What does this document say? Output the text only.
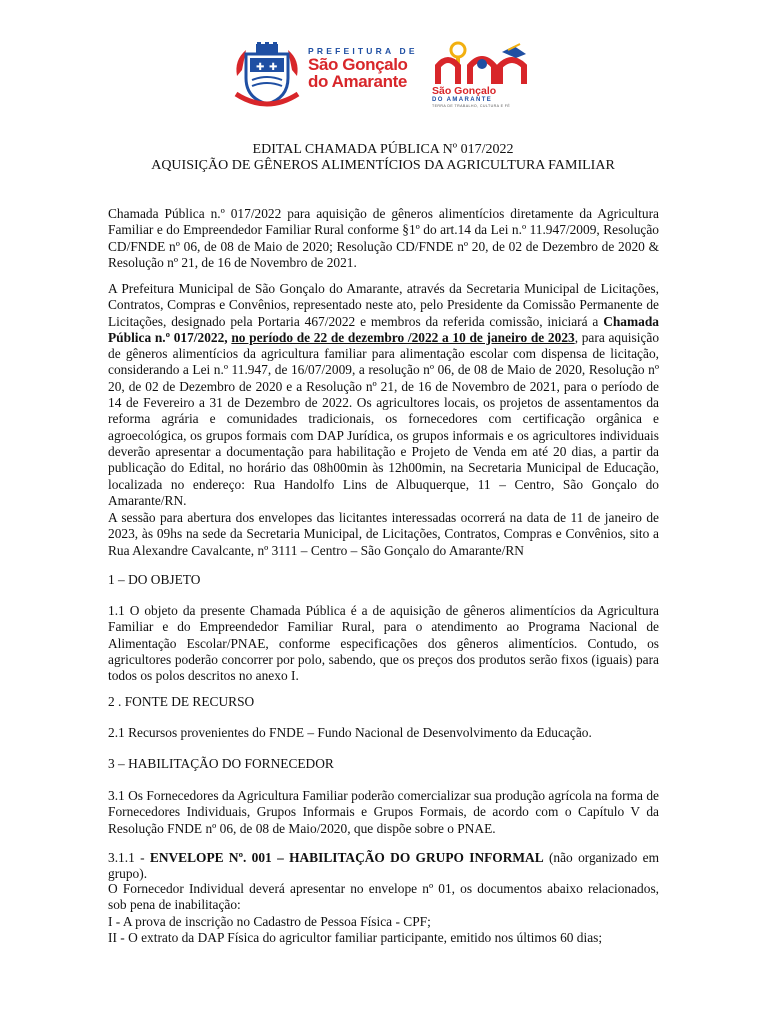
✚ ✚
PREFEITURA DE
São Gonçalo
do Amarante	São Gonçalo
DO AMARANTE
TERRA DE TRABALHO, CULTURA E FÉ
EDITAL CHAMADA PÚBLICA Nº 017/2022
AQUISIÇÃO DE GÊNEROS ALIMENTÍCIOS DA AGRICULTURA FAMILIAR

Chamada Pública n.º 017/2022 para aquisição de gêneros alimentícios diretamente da Agricultura Familiar e do Empreendedor Familiar Rural conforme §1º do art.14 da Lei n.º 11.947/2009, Resolução CD/FNDE nº 06, de 08 de Maio de 2020; Resolução CD/FNDE nº 20, de 02 de Dezembro de 2020 & Resolução nº 21, de 16 de Novembro de 2021.

A Prefeitura Municipal de São Gonçalo do Amarante, através da Secretaria Municipal de Licitações, Contratos, Compras e Convênios, representado neste ato, pelo Presidente da Comissão Permanente de Licitações, designado pela Portaria 467/2022 e membros da referida comissão, iniciará a Chamada Pública n.º 017/2022, no período de 22 de dezembro /2022 a 10 de janeiro de 2023, para aquisição de gêneros alimentícios da agricultura familiar para alimentação escolar com dispensa de licitação, considerando a Lei n.º 11.947, de 16/07/2009, a resolução nº 06, de 08 de Maio de 2020, Resolução nº 20, de 02 de Dezembro de 2020 e a Resolução nº 21, de 16 de Novembro de 2021, para o período de 14 de Fevereiro a 31 de Dezembro de 2022. Os agricultores locais, os projetos de assentamentos da reforma agrária e comunidades tradicionais, os fornecedores com certificação orgânica e agroecológica, os grupos formais com DAP Jurídica, os grupos informais e os agricultores individuais deverão apresentar a documentação para habilitação e Projeto de Venda em até 20 dias, a partir da publicação do Edital, no horário das 08h00min às 12h00min, na Secretaria Municipal de Educação, localizada no endereço: Rua Handolfo Lins de Albuquerque, 11 – Centro, São Gonçalo do Amarante/RN.

A sessão para abertura dos envelopes das licitantes interessadas ocorrerá na data de 11 de janeiro de 2023, às 09hs na sede da Secretaria Municipal, de Licitações, Contratos, Compras e Convênios, sito a Rua Alexandre Cavalcante, nº 3111 – Centro – São Gonçalo do Amarante/RN

1 – DO OBJETO

1.1 O objeto da presente Chamada Pública é a de aquisição de gêneros alimentícios da Agricultura Familiar e do Empreendedor Familiar Rural, para o atendimento ao Programa Nacional de Alimentação Escolar/PNAE, conforme especificações dos gêneros alimentícios. Contudo, os agricultores poderão concorrer por polo, sabendo, que os preços dos produtos serão fixos (iguais) para todos os polos descritos no anexo I.

2 . FONTE DE RECURSO

2.1 Recursos provenientes do FNDE – Fundo Nacional de Desenvolvimento da Educação.

3 – HABILITAÇÃO DO FORNECEDOR

3.1 Os Fornecedores da Agricultura Familiar poderão comercializar sua produção agrícola na forma de Fornecedores Individuais, Grupos Informais e Grupos Formais, de acordo com o Capítulo V da Resolução FNDE nº 06, de 08 de Maio/2020, que dispõe sobre o PNAE.

3.1.1 - ENVELOPE Nº. 001 – HABILITAÇÃO DO GRUPO INFORMAL (não organizado em grupo).

O Fornecedor Individual deverá apresentar no envelope nº 01, os documentos abaixo relacionados, sob pena de inabilitação:

I - A prova de inscrição no Cadastro de Pessoa Física - CPF;

II - O extrato da DAP Física do agricultor familiar participante, emitido nos últimos 60 dias;
